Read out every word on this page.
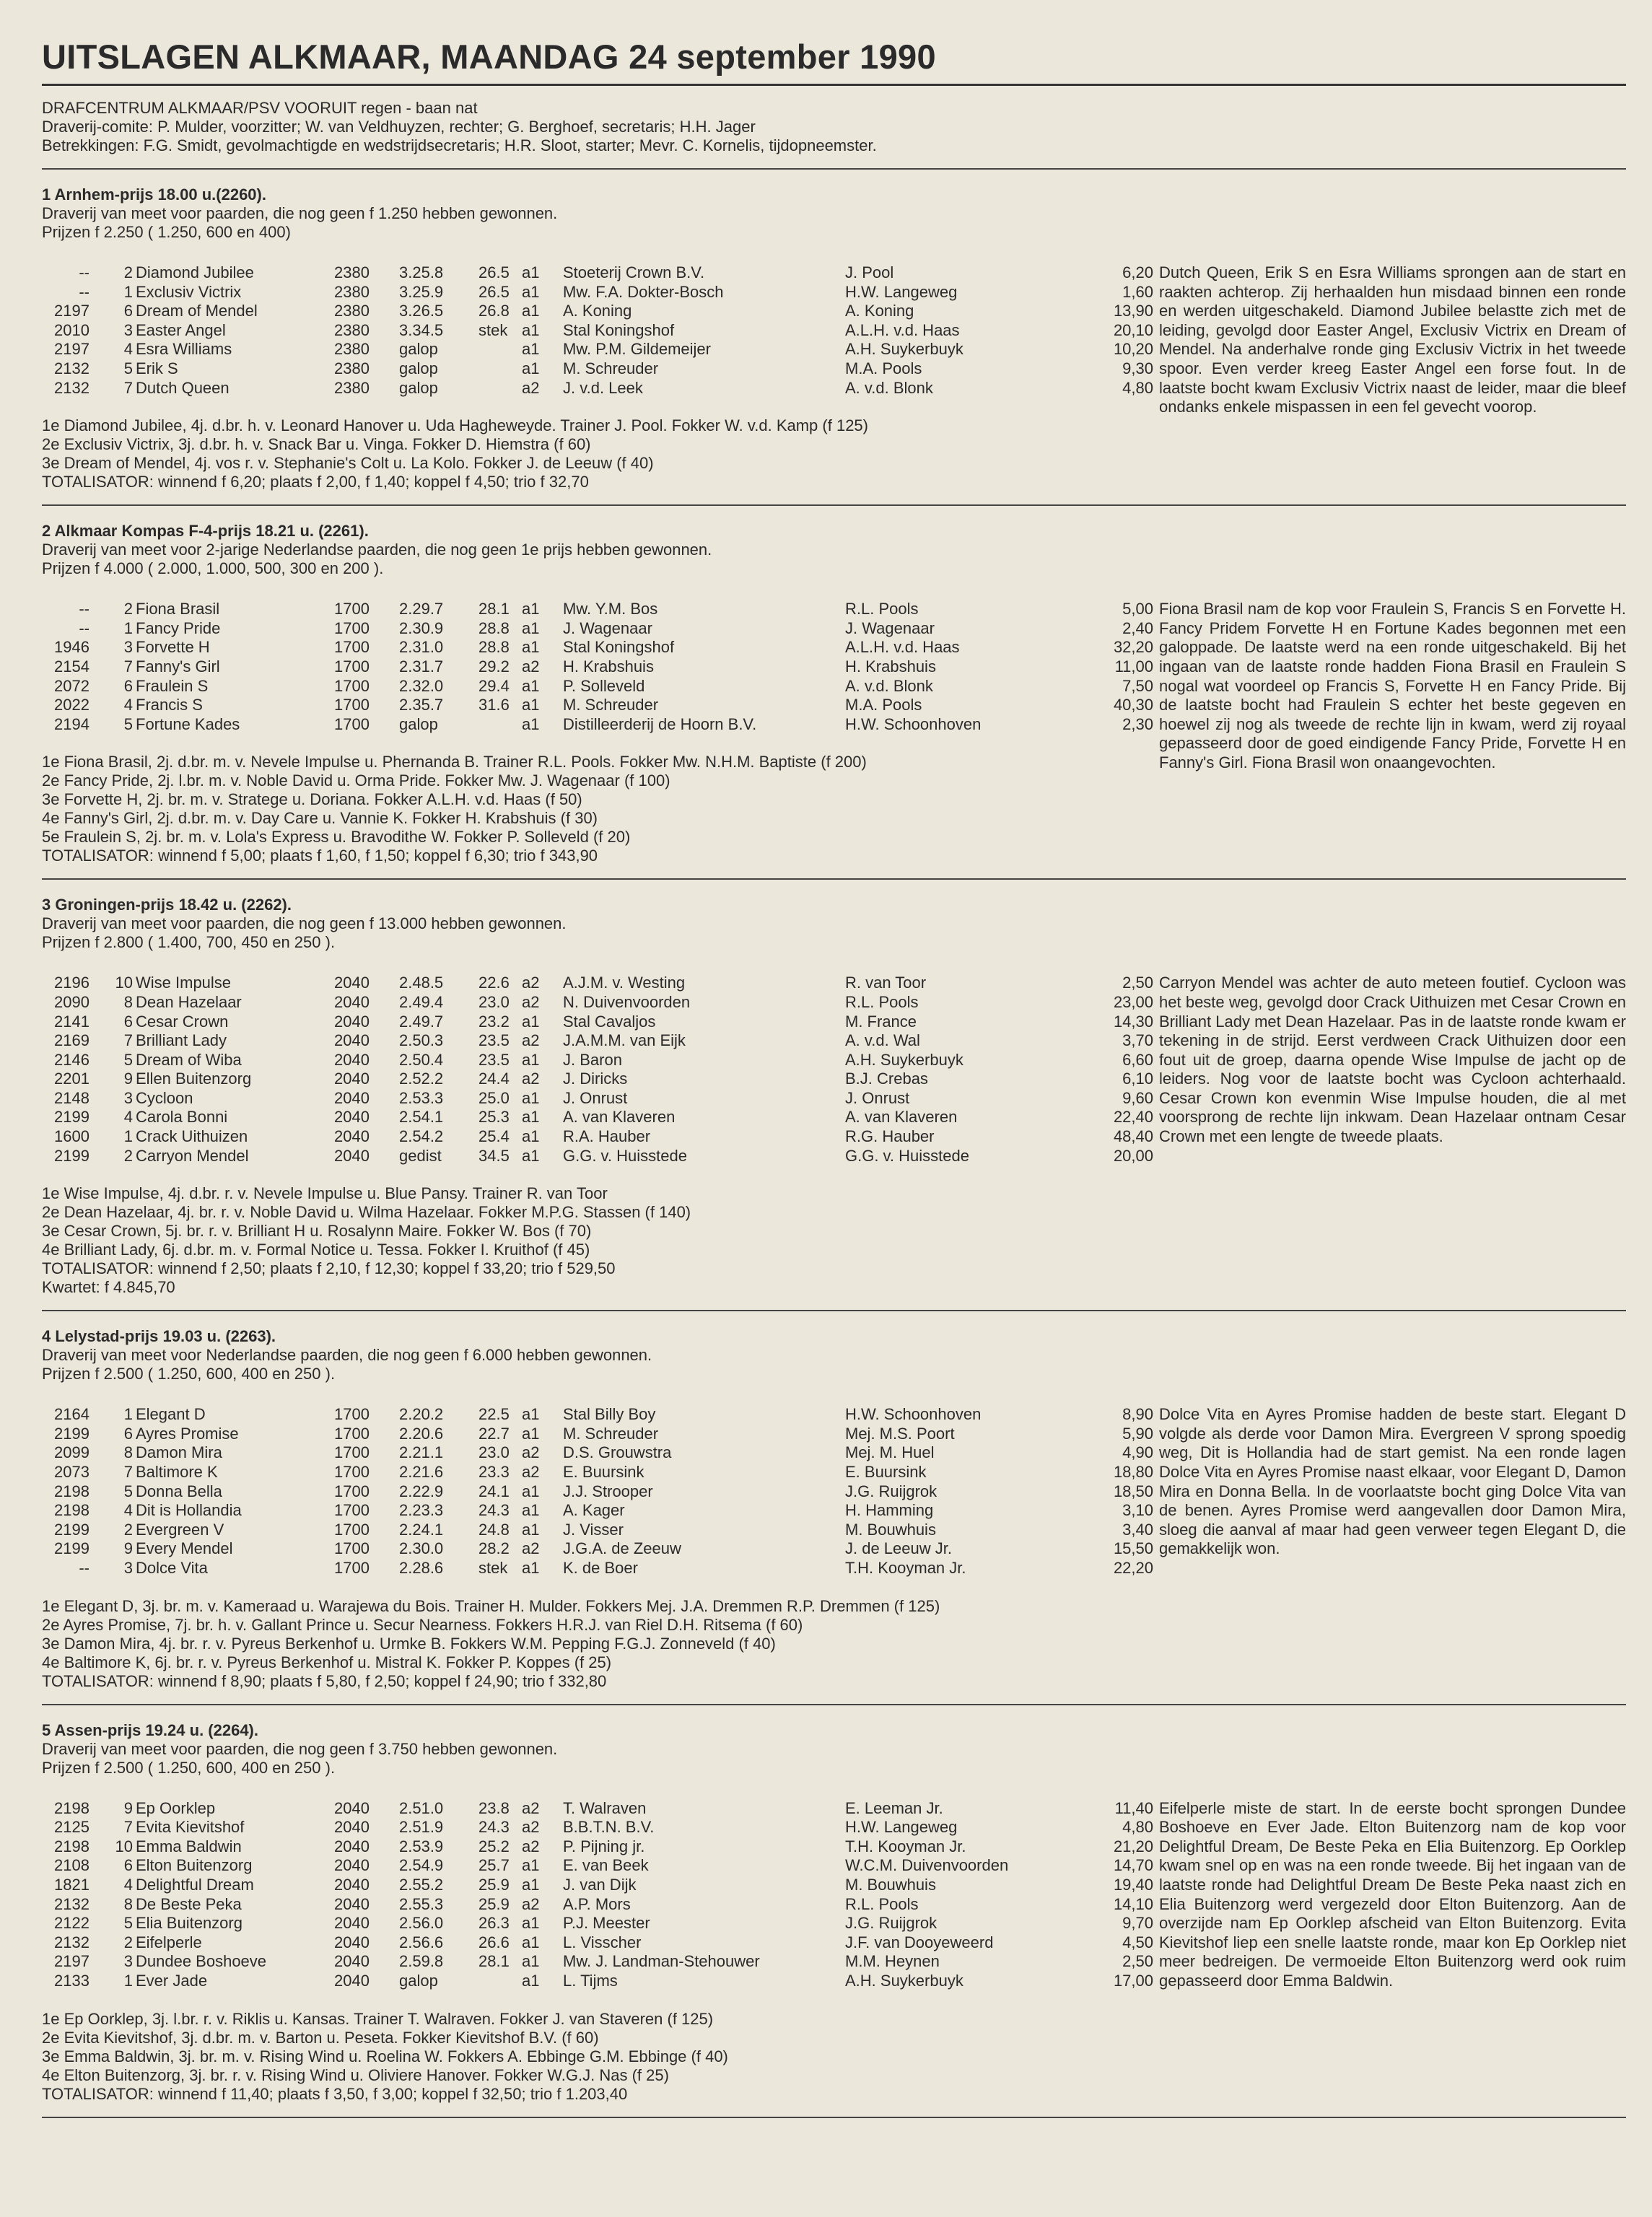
UITSLAGEN ALKMAAR, MAANDAG 24 september 1990
DRAFCENTRUM ALKMAAR/PSV VOORUIT regen - baan nat
Draverij-comite: P. Mulder, voorzitter; W. van Veldhuyzen, rechter; G. Berghoef, secretaris; H.H. Jager
Betrekkingen: F.G. Smidt, gevolmachtigde en wedstrijdsecretaris; H.R. Sloot, starter; Mevr. C. Kornelis, tijdopneemster.
1 Arnhem-prijs 18.00 u.(2260).
Draverij van meet voor paarden, die nog geen f 1.250 hebben gewonnen.
Prijzen f 2.250 ( 1.250, 600 en 400)
--	2 Diamond Jubilee	2380 3.25.8 26.5 a1 Stoeterij Crown B.V.	J. Pool	6,20
--	1 Exclusiv Victrix	2380 3.25.9 26.5 a1 Mw. F.A. Dokter-Bosch	H.W. Langeweg	1,60
2197	6 Dream of Mendel	2380 3.26.5 26.8 a1 A. Koning	A. Koning	13,90
2010	3 Easter Angel	2380 3.34.5 stek a1 Stal Koningshof	A.L.H. v.d. Haas	20,10
2197	4 Esra Williams	2380 galop	a1 Mw. P.M. Gildemeijer	A.H. Suykerbuyk	10,20
2132	5 Erik S	2380 galop	a1 M. Schreuder	M.A. Pools	9,30
2132	7 Dutch Queen	2380 galop	a2 J. v.d. Leek	A. v.d. Blonk	4,80
Dutch Queen, Erik S en Esra Williams sprongen aan de start en raakten achterop. Zij herhaalden hun misdaad binnen een ronde en werden uitgeschakeld. Diamond Jubilee belastte zich met de leiding, gevolgd door Easter Angel, Exclusiv Victrix en Dream of Mendel. Na anderhalve ronde ging Exclusiv Victrix in het tweede spoor. Even verder kreeg Easter Angel een forse fout. In de laatste bocht kwam Exclusiv Victrix naast de leider, maar die bleef ondanks enkele mispassen in een fel gevecht voorop.
1e Diamond Jubilee, 4j. d.br. h. v. Leonard Hanover u. Uda Hagheweyde. Trainer J. Pool. Fokker W. v.d. Kamp (f 125)
2e Exclusiv Victrix, 3j. d.br. h. v. Snack Bar u. Vinga. Fokker D. Hiemstra (f 60)
3e Dream of Mendel, 4j. vos r. v. Stephanie's Colt u. La Kolo. Fokker J. de Leeuw (f 40)
TOTALISATOR: winnend f 6,20; plaats f 2,00, f 1,40; koppel f 4,50; trio f 32,70
2 Alkmaar Kompas F-4-prijs 18.21 u. (2261).
Draverij van meet voor 2-jarige Nederlandse paarden, die nog geen 1e prijs hebben gewonnen.
Prijzen f 4.000 ( 2.000, 1.000, 500, 300 en 200 ).
--	2 Fiona Brasil	1700 2.29.7 28.1 a1 Mw. Y.M. Bos	R.L. Pools	5,00
--	1 Fancy Pride	1700 2.30.9 28.8 a1 J. Wagenaar	J. Wagenaar	2,40
1946	3 Forvette H	1700 2.31.0 28.8 a1 Stal Koningshof	A.L.H. v.d. Haas	32,20
2154	7 Fanny's Girl	1700 2.31.7 29.2 a2 H. Krabshuis	H. Krabshuis	11,00
2072	6 Fraulein S	1700 2.32.0 29.4 a1 P. Solleveld	A. v.d. Blonk	7,50
2022	4 Francis S	1700 2.35.7 31.6 a1 M. Schreuder	M.A. Pools	40,30
2194	5 Fortune Kades	1700 galop	a1 Distilleerderij de Hoorn B.V.	H.W. Schoonhoven	2,30
Fiona Brasil nam de kop voor Fraulein S, Francis S en Forvette H. Fancy Pridem Forvette H en Fortune Kades begonnen met een galoppade. De laatste werd na een ronde uitgeschakeld. Bij het ingaan van de laatste ronde hadden Fiona Brasil en Fraulein S nogal wat voordeel op Francis S, Forvette H en Fancy Pride. Bij de laatste bocht had Fraulein S echter het beste gegeven en hoewel zij nog als tweede de rechte lijn in kwam, werd zij royaal gepasseerd door de goed eindigende Fancy Pride, Forvette H en Fanny's Girl. Fiona Brasil won onaangevochten.
1e Fiona Brasil, 2j. d.br. m. v. Nevele Impulse u. Phernanda B. Trainer R.L. Pools. Fokker Mw. N.H.M. Baptiste (f 200)
2e Fancy Pride, 2j. l.br. m. v. Noble David u. Orma Pride. Fokker Mw. J. Wagenaar (f 100)
3e Forvette H, 2j. br. m. v. Stratege u. Doriana. Fokker A.L.H. v.d. Haas (f 50)
4e Fanny's Girl, 2j. d.br. m. v. Day Care u. Vannie K. Fokker H. Krabshuis (f 30)
5e Fraulein S, 2j. br. m. v. Lola's Express u. Bravodithe W. Fokker P. Solleveld (f 20)
TOTALISATOR: winnend f 5,00; plaats f 1,60, f 1,50; koppel f 6,30; trio f 343,90
3 Groningen-prijs 18.42 u. (2262).
Draverij van meet voor paarden, die nog geen f 13.000 hebben gewonnen.
Prijzen f 2.800 ( 1.400, 700, 450 en 250 ).
2196	10 Wise Impulse	2040 2.48.5 22.6 a2 A.J.M. v. Westing	R. van Toor	2,50
2090	8 Dean Hazelaar	2040 2.49.4 23.0 a2 N. Duivenvoorden	R.L. Pools	23,00
2141	6 Cesar Crown	2040 2.49.7 23.2 a1 Stal Cavaljos	M. France	14,30
2169	7 Brilliant Lady	2040 2.50.3 23.5 a2 J.A.M.M. van Eijk	A. v.d. Wal	3,70
2146	5 Dream of Wiba	2040 2.50.4 23.5 a1 J. Baron	A.H. Suykerbuyk	6,60
2201	9 Ellen Buitenzorg	2040 2.52.2 24.4 a2 J. Diricks	B.J. Crebas	6,10
2148	3 Cycloon	2040 2.53.3 25.0 a1 J. Onrust	J. Onrust	9,60
2199	4 Carola Bonni	2040 2.54.1 25.3 a1 A. van Klaveren	A. van Klaveren	22,40
1600	1 Crack Uithuizen	2040 2.54.2 25.4 a1 R.A. Hauber	R.G. Hauber	48,40
2199	2 Carryon Mendel	2040 gedist 34.5 a1 G.G. v. Huisstede	G.G. v. Huisstede	20,00
Carryon Mendel was achter de auto meteen foutief. Cycloon was het beste weg, gevolgd door Crack Uithuizen met Cesar Crown en Brilliant Lady met Dean Hazelaar. Pas in de laatste ronde kwam er tekening in de strijd. Eerst verdween Crack Uithuizen door een fout uit de groep, daarna opende Wise Impulse de jacht op de leiders. Nog voor de laatste bocht was Cycloon achterhaald. Cesar Crown kon evenmin Wise Impulse houden, die al met voorsprong de rechte lijn inkwam. Dean Hazelaar ontnam Cesar Crown met een lengte de tweede plaats.
1e Wise Impulse, 4j. d.br. r. v. Nevele Impulse u. Blue Pansy. Trainer R. van Toor
2e Dean Hazelaar, 4j. br. r. v. Noble David u. Wilma Hazelaar. Fokker M.P.G. Stassen (f 140)
3e Cesar Crown, 5j. br. r. v. Brilliant H u. Rosalynn Maire. Fokker W. Bos (f 70)
4e Brilliant Lady, 6j. d.br. m. v. Formal Notice u. Tessa. Fokker I. Kruithof (f 45)
TOTALISATOR: winnend f 2,50; plaats f 2,10, f 12,30; koppel f 33,20; trio f 529,50
Kwartet: f 4.845,70
4 Lelystad-prijs 19.03 u. (2263).
Draverij van meet voor Nederlandse paarden, die nog geen f 6.000 hebben gewonnen.
Prijzen f 2.500 ( 1.250, 600, 400 en 250 ).
2164	1 Elegant D	1700 2.20.2 22.5 a1 Stal Billy Boy	H.W. Schoonhoven	8,90
2199	6 Ayres Promise	1700 2.20.6 22.7 a1 M. Schreuder	Mej. M.S. Poort	5,90
2099	8 Damon Mira	1700 2.21.1 23.0 a2 D.S. Grouwstra	Mej. M. Huel	4,90
2073	7 Baltimore K	1700 2.21.6 23.3 a2 E. Buursink	E. Buursink	18,80
2198	5 Donna Bella	1700 2.22.9 24.1 a1 J.J. Strooper	J.G. Ruijgrok	18,50
2198	4 Dit is Hollandia	1700 2.23.3 24.3 a1 A. Kager	H. Hamming	3,10
2199	2 Evergreen V	1700 2.24.1 24.8 a1 J. Visser	M. Bouwhuis	3,40
2199	9 Every Mendel	1700 2.30.0 28.2 a2 J.G.A. de Zeeuw	J. de Leeuw Jr.	15,50
--	3 Dolce Vita	1700 2.28.6 stek a1 K. de Boer	T.H. Kooyman Jr.	22,20
Dolce Vita en Ayres Promise hadden de beste start. Elegant D volgde als derde voor Damon Mira. Evergreen V sprong spoedig weg, Dit is Hollandia had de start gemist. Na een ronde lagen Dolce Vita en Ayres Promise naast elkaar, voor Elegant D, Damon Mira en Donna Bella. In de voorlaatste bocht ging Dolce Vita van de benen. Ayres Promise werd aangevallen door Damon Mira, sloeg die aanval af maar had geen verweer tegen Elegant D, die gemakkelijk won.
1e Elegant D, 3j. br. m. v. Kameraad u. Warajewa du Bois. Trainer H. Mulder. Fokkers Mej. J.A. Dremmen R.P. Dremmen (f 125)
2e Ayres Promise, 7j. br. h. v. Gallant Prince u. Secur Nearness. Fokkers H.R.J. van Riel D.H. Ritsema (f 60)
3e Damon Mira, 4j. br. r. v. Pyreus Berkenhof u. Urmke B. Fokkers W.M. Pepping F.G.J. Zonneveld (f 40)
4e Baltimore K, 6j. br. r. v. Pyreus Berkenhof u. Mistral K. Fokker P. Koppes (f 25)
TOTALISATOR: winnend f 8,90; plaats f 5,80, f 2,50; koppel f 24,90; trio f 332,80
5 Assen-prijs 19.24 u. (2264).
Draverij van meet voor paarden, die nog geen f 3.750 hebben gewonnen.
Prijzen f 2.500 ( 1.250, 600, 400 en 250 ).
2198	9 Ep Oorklep	2040 2.51.0 23.8 a2 T. Walraven	E. Leeman Jr.	11,40
2125	7 Evita Kievitshof	2040 2.51.9 24.3 a2 B.B.T.N. B.V.	H.W. Langeweg	4,80
2198	10 Emma Baldwin	2040 2.53.9 25.2 a2 P. Pijning jr.	T.H. Kooyman Jr.	21,20
2108	6 Elton Buitenzorg	2040 2.54.9 25.7 a1 E. van Beek	W.C.M. Duivenvoorden	14,70
1821	4 Delightful Dream	2040 2.55.2 25.9 a1 J. van Dijk	M. Bouwhuis	19,40
2132	8 De Beste Peka	2040 2.55.3 25.9 a2 A.P. Mors	R.L. Pools	14,10
2122	5 Elia Buitenzorg	2040 2.56.0 26.3 a1 P.J. Meester	J.G. Ruijgrok	9,70
2132	2 Eifelperle	2040 2.56.6 26.6 a1 L. Visscher	J.F. van Dooyeweerd	4,50
2197	3 Dundee Boshoeve	2040 2.59.8 28.1 a1 Mw. J. Landman-Stehouwer	M.M. Heynen	2,50
2133	1 Ever Jade	2040 galop	a1 L. Tijms	A.H. Suykerbuyk	17,00
Eifelperle miste de start. In de eerste bocht sprongen Dundee Boshoeve en Ever Jade. Elton Buitenzorg nam de kop voor Delightful Dream, De Beste Peka en Elia Buitenzorg. Ep Oorklep kwam snel op en was na een ronde tweede. Bij het ingaan van de laatste ronde had Delightful Dream De Beste Peka naast zich en Elia Buitenzorg werd vergezeld door Elton Buitenzorg. Aan de overzijde nam Ep Oorklep afscheid van Elton Buitenzorg. Evita Kievitshof liep een snelle laatste ronde, maar kon Ep Oorklep niet meer bedreigen. De vermoeide Elton Buitenzorg werd ook ruim gepasseerd door Emma Baldwin.
1e Ep Oorklep, 3j. l.br. r. v. Riklis u. Kansas. Trainer T. Walraven. Fokker J. van Staveren (f 125)
2e Evita Kievitshof, 3j. d.br. m. v. Barton u. Peseta. Fokker Kievitshof B.V. (f 60)
3e Emma Baldwin, 3j. br. m. v. Rising Wind u. Roelina W. Fokkers A. Ebbinge G.M. Ebbinge (f 40)
4e Elton Buitenzorg, 3j. br. r. v. Rising Wind u. Oliviere Hanover. Fokker W.G.J. Nas (f 25)
TOTALISATOR: winnend f 11,40; plaats f 3,50, f 3,00; koppel f 32,50; trio f 1.203,40
